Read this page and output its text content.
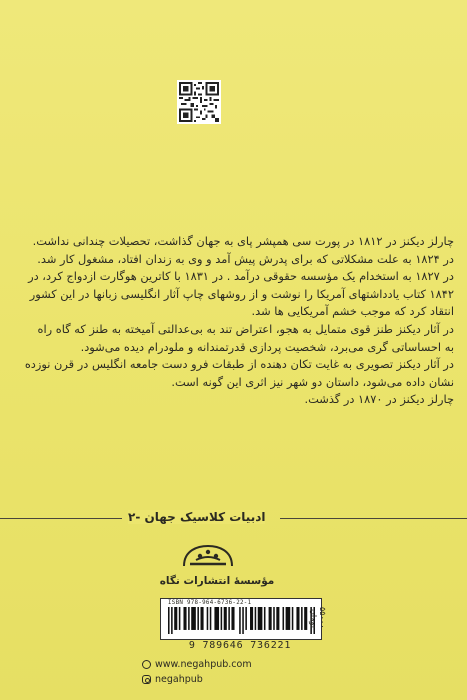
چارلز دیکنز در ۱۸۱۲ در پورت سی همپشر پای به جهان گذاشت، تحصیلات چندانی نداشت.

در ۱۸۲۴ به علت مشکلاتی که برای پدرش پیش آمد و وی به زندان افتاد، مشغول کار شد.

در ۱۸۲۷ به استخدام یک مؤسسه حقوقی درآمد . در ۱۸۳۱ با کاترین هوگارت ازدواج کرد، در

۱۸۴۲ کتاب یادداشتهای آمریکا را نوشت و از روشهای چاپ آثار انگلیسی زبانها در این کشور

انتقاد کرد که موجب خشم آمریکایی ها شد.

در آثار دیکنز طنز قوی متمایل به هجو، اعتراض تند به بی‌عدالتی آمیخته به طنز که گاه راه

به احساساتی گری می‌برد، شخصیت پردازی قدرتمندانه و ملودرام دیده می‌شود.

در آثار دیکنز تصویری به غایت تکان دهنده از طبقات فرو دست جامعه انگلیس در قرن نوزده

نشان داده می‌شود، داستان دو شهر نیز اثری این گونه است.

چارلز دیکنز در ۱۸۷۰ در گذشت.

ادبیات کلاسیک جهان -۲
مؤسسهٔ انتشارات نگاه
ISBN 978-964-6736-22-1
9 789646 736221
۵۵۰۰۰ تومان
www.negahpub.com
negahpub
